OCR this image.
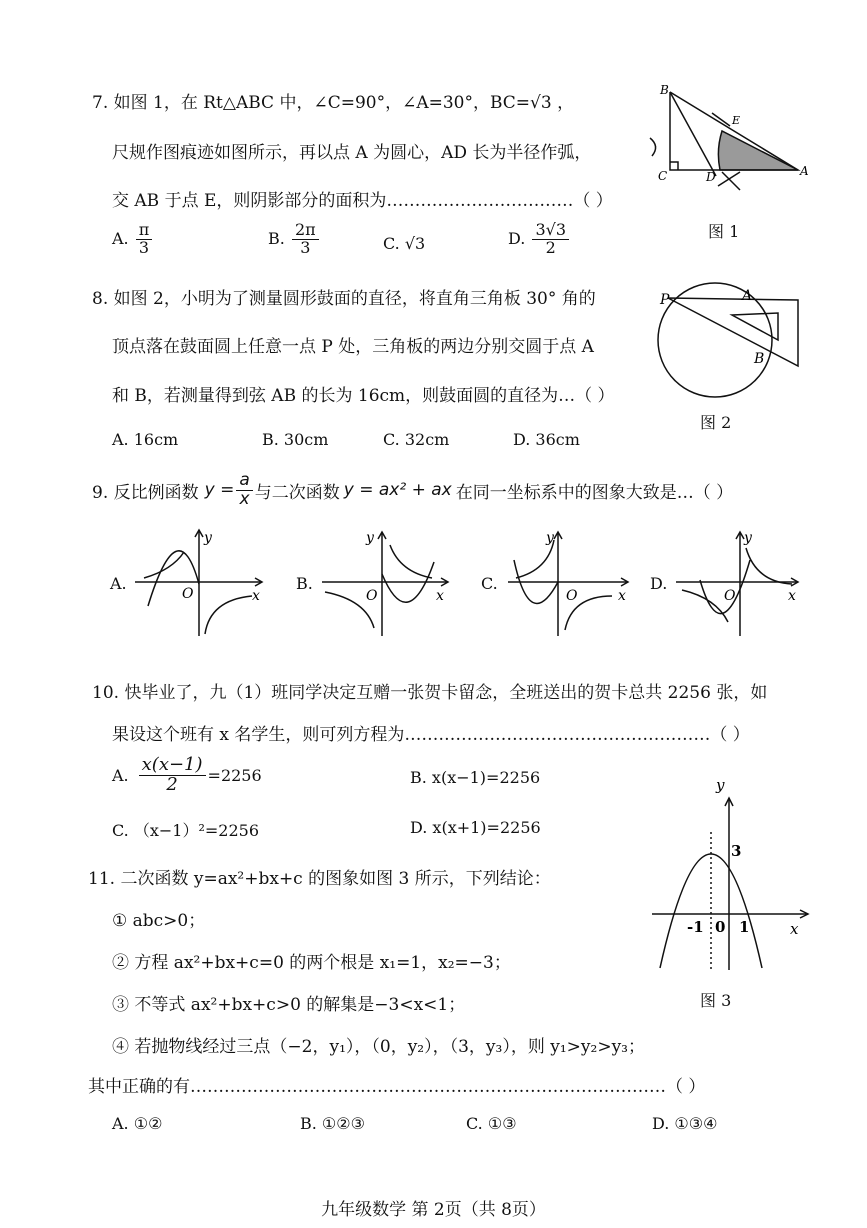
7. 如图 1，在 Rt△ABC 中，∠C=90°，∠A=30°，BC=√3 ，
尺规作图痕迹如图所示，再以点 A 为圆心，AD 长为半径作弧，
交 AB 于点 E，则阴影部分的面积为……………………………（ ）
A. $\frac{\pi}{3}$	B. $\frac{2\pi}{3}$	C. √3	D. $\frac{3√3}{2}$
B
E
C	D	A
图 1
8. 如图 2，小明为了测量圆形鼓面的直径，将直角三角板 30° 角的
顶点落在鼓面圆上任意一点 P 处，三角板的两边分别交圆于点 A
和 B，若测量得到弦 AB 的长为 16cm，则鼓面圆的直径为…（ ）
A. 16cm	B. 30cm	C. 32cm	D. 36cm
P	A
B
图 2
9. 反比例函数 $y = \frac{a}{x}$ 与二次函数 y = ax² + ax 在同一坐标系中的图象大致是…（ ）
A.	B.	C.	D.
y
O	x
y
O	x
y
O	x
y
O	x
10. 快毕业了，九（1）班同学决定互赠一张贺卡留念，全班送出的贺卡总共 2256 张，如
果设这个班有 x 名学生，则可列方程为………………………………………………（ ）
A. $\frac{x(x-1)}{2} =2256$	B. x(x−1)=2256
C. （x−1）²=2256	D. x(x+1)=2256
11. 二次函数 y=ax²+bx+c 的图象如图 3 所示，下列结论：
① abc>0；
② 方程 ax²+bx+c=0 的两个根是 x₁=1，x₂=−3；
③ 不等式 ax²+bx+c>0 的解集是−3<x<1；
④ 若抛物线经过三点（−2，y₁），（0，y₂），（3，y₃），则 y₁>y₂>y₃；
其中正确的有…………………………………………………………………………（ ）
A. ①②	B. ①②③	C. ①③	D. ①③④
y
3
-1 0 1	x
图 3
九年级数学 第 2页（共 8页）
